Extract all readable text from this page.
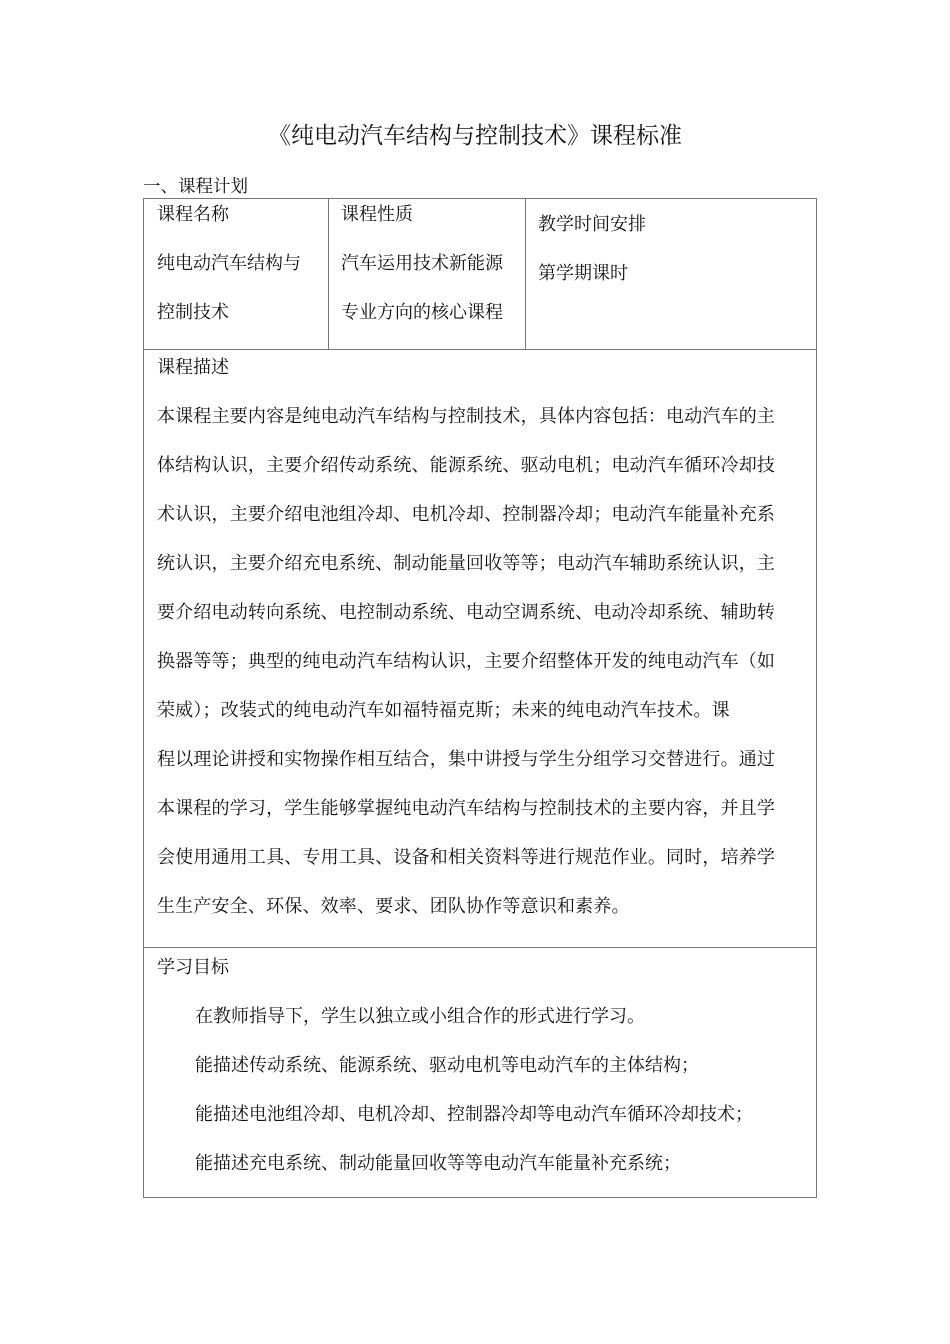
《纯电动汽车结构与控制技术》课程标准
一、课程计划
课程名称
纯电动汽车结构与
控制技术
课程性质
汽车运用技术新能源
专业方向的核心课程
教学时间安排
第学期课时
课程描述
本课程主要内容是纯电动汽车结构与控制技术，具体内容包括：电动汽车的主
体结构认识，主要介绍传动系统、能源系统、驱动电机；电动汽车循环冷却技
术认识，主要介绍电池组冷却、电机冷却、控制器冷却；电动汽车能量补充系
统认识，主要介绍充电系统、制动能量回收等等；电动汽车辅助系统认识，主
要介绍电动转向系统、电控制动系统、电动空调系统、电动冷却系统、辅助转
换器等等；典型的纯电动汽车结构认识，主要介绍整体开发的纯电动汽车（如
荣威）；改装式的纯电动汽车如福特福克斯；未来的纯电动汽车技术。课
程以理论讲授和实物操作相互结合，集中讲授与学生分组学习交替进行。通过
本课程的学习，学生能够掌握纯电动汽车结构与控制技术的主要内容，并且学
会使用通用工具、专用工具、设备和相关资料等进行规范作业。同时，培养学
生生产安全、环保、效率、要求、团队协作等意识和素养。
学习目标
在教师指导下，学生以独立或小组合作的形式进行学习。
能描述传动系统、能源系统、驱动电机等电动汽车的主体结构；
能描述电池组冷却、电机冷却、控制器冷却等电动汽车循环冷却技术；
能描述充电系统、制动能量回收等等电动汽车能量补充系统；
